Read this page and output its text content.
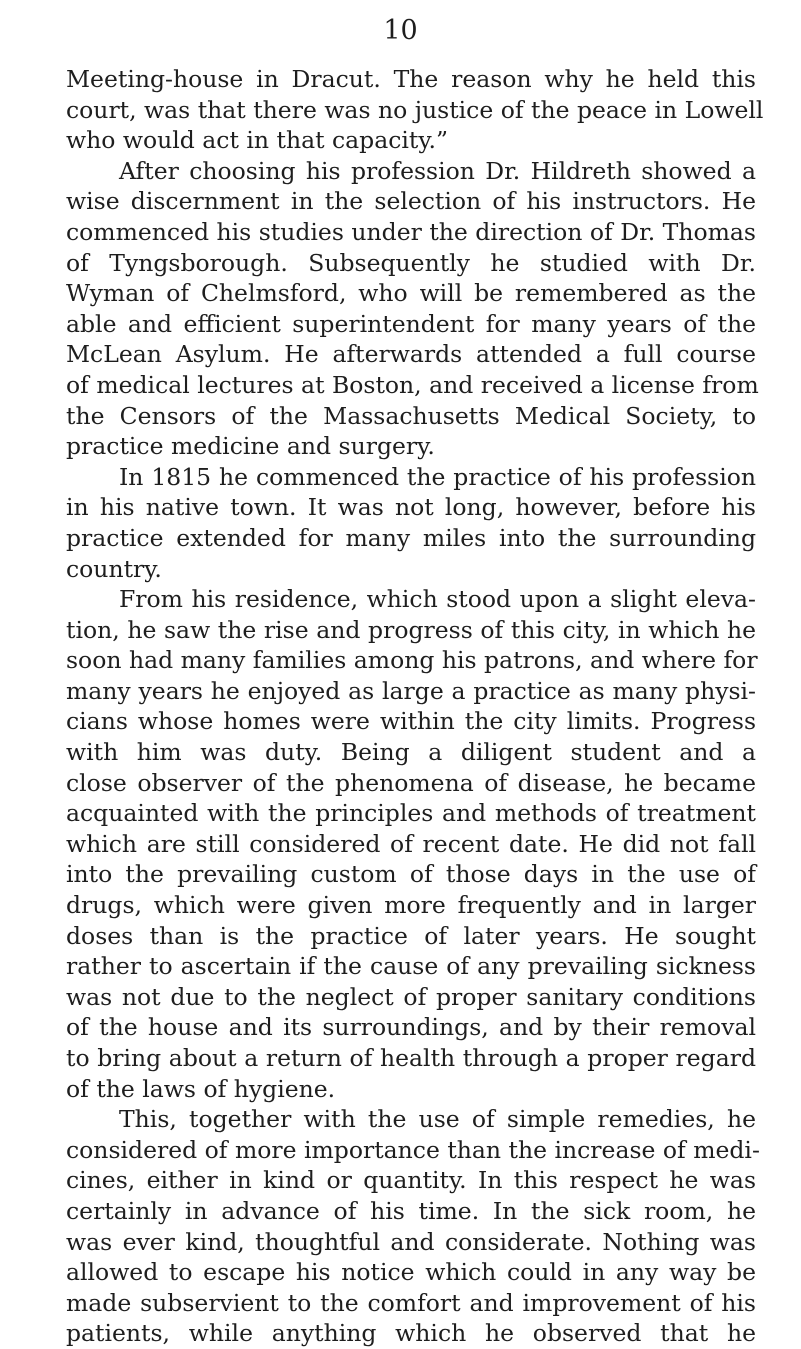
10
Meeting-house in Dracut. The reason why he held this
court, was that there was no justice of the peace in Lowell
who would act in that capacity.”
After choosing his profession Dr. Hildreth showed a
wise discernment in the selection of his instructors. He
commenced his studies under the direction of Dr. Thomas
of Tyngsborough. Subsequently he studied with Dr.
Wyman of Chelmsford, who will be remembered as the
able and efficient superintendent for many years of the
McLean Asylum. He afterwards attended a full course
of medical lectures at Boston, and received a license from
the Censors of the Massachusetts Medical Society, to
practice medicine and surgery.
In 1815 he commenced the practice of his profession
in his native town. It was not long, however, before his
practice extended for many miles into the surrounding
country.
From his residence, which stood upon a slight eleva-
tion, he saw the rise and progress of this city, in which he
soon had many families among his patrons, and where for
many years he enjoyed as large a practice as many physi-
cians whose homes were within the city limits. Progress
with him was duty. Being a diligent student and a
close observer of the phenomena of disease, he became
acquainted with the principles and methods of treatment
which are still considered of recent date. He did not fall
into the prevailing custom of those days in the use of
drugs, which were given more frequently and in larger
doses than is the practice of later years. He sought
rather to ascertain if the cause of any prevailing sickness
was not due to the neglect of proper sanitary conditions
of the house and its surroundings, and by their removal
to bring about a return of health through a proper regard
of the laws of hygiene.
This, together with the use of simple remedies, he
considered of more importance than the increase of medi-
cines, either in kind or quantity. In this respect he was
certainly in advance of his time. In the sick room, he
was ever kind, thoughtful and considerate. Nothing was
allowed to escape his notice which could in any way be
made subservient to the comfort and improvement of his
patients, while anything which he observed that he
